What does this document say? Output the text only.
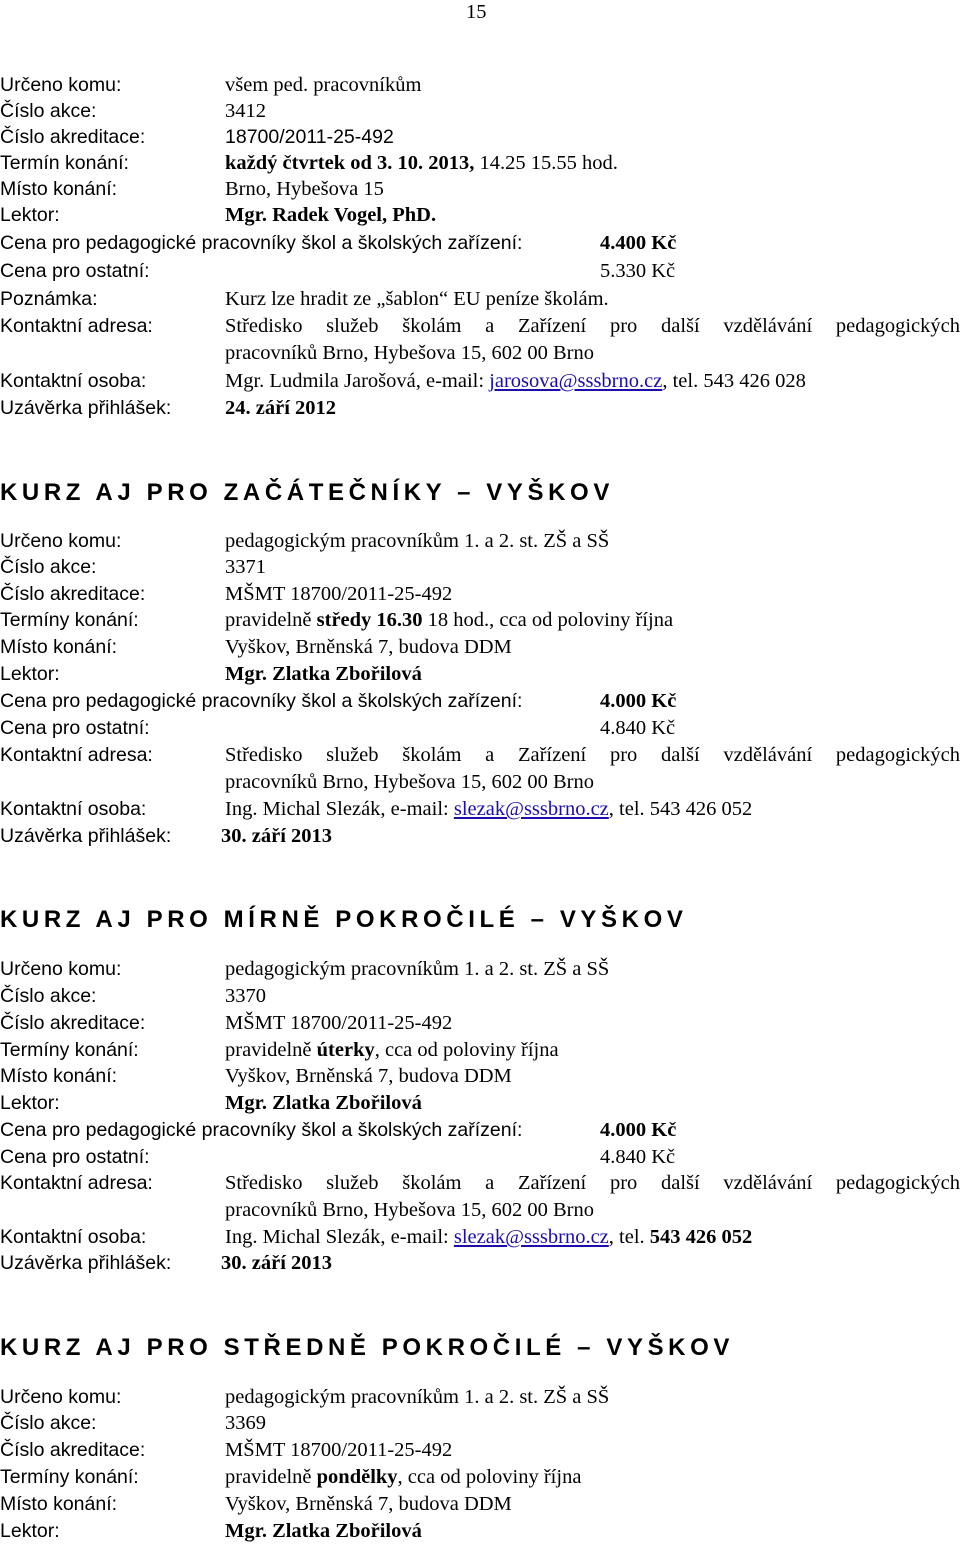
15
Určeno komu:	všem ped. pracovníkům
Číslo akce:	3412
Číslo akreditace:	18700/2011-25-492
Termín konání:	každý čtvrtek od 3. 10. 2013, 14.25 15.55 hod.
Místo konání:	Brno, Hybešova 15
Lektor:	Mgr. Radek Vogel, PhD.
Cena pro pedagogické pracovníky škol a školských zařízení:	4.400 Kč
Cena pro ostatní:	5.330 Kč
Poznámka:	Kurz lze hradit ze „šablon“ EU peníze školám.
Kontaktní adresa:	Středisko služeb školám a Zařízení pro další vzdělávání pedagogických
pracovníků Brno, Hybešova 15, 602 00 Brno
Kontaktní osoba:	Mgr. Ludmila Jarošová, e-mail: jarosova@sssbrno.cz, tel. 543 426 028
Uzávěrka přihlášek:	24. září 2012
KURZ AJ PRO ZAČÁTEČNÍKY – VYŠKOV
Určeno komu:	pedagogickým pracovníkům 1. a 2. st. ZŠ a SŠ
Číslo akce:	3371
Číslo akreditace:	MŠMT 18700/2011-25-492
Termíny konání:	pravidelně středy 16.30 18 hod., cca od poloviny října
Místo konání:	Vyškov, Brněnská 7, budova DDM
Lektor:	Mgr. Zlatka Zbořilová
Cena pro pedagogické pracovníky škol a školských zařízení:	4.000 Kč
Cena pro ostatní:	4.840 Kč
Kontaktní adresa:	Středisko služeb školám a Zařízení pro další vzdělávání pedagogických
pracovníků Brno, Hybešova 15, 602 00 Brno
Kontaktní osoba:	Ing. Michal Slezák, e-mail: slezak@sssbrno.cz, tel. 543 426 052
Uzávěrka přihlášek: 30. září 2013
KURZ AJ PRO MÍRNĚ POKROČILÉ – VYŠKOV
Určeno komu:	pedagogickým pracovníkům 1. a 2. st. ZŠ a SŠ
Číslo akce:	3370
Číslo akreditace:	MŠMT 18700/2011-25-492
Termíny konání:	pravidelně úterky, cca od poloviny října
Místo konání:	Vyškov, Brněnská 7, budova DDM
Lektor:	Mgr. Zlatka Zbořilová
Cena pro pedagogické pracovníky škol a školských zařízení:	4.000 Kč
Cena pro ostatní:	4.840 Kč
Kontaktní adresa:	Středisko služeb školám a Zařízení pro další vzdělávání pedagogických
pracovníků Brno, Hybešova 15, 602 00 Brno
Kontaktní osoba:	Ing. Michal Slezák, e-mail: slezak@sssbrno.cz, tel. 543 426 052
Uzávěrka přihlášek: 30. září 2013
KURZ AJ PRO STŘEDNĚ POKROČILÉ – VYŠKOV
Určeno komu:	pedagogickým pracovníkům 1. a 2. st. ZŠ a SŠ
Číslo akce:	3369
Číslo akreditace:	MŠMT 18700/2011-25-492
Termíny konání:	pravidelně pondělky, cca od poloviny října
Místo konání:	Vyškov, Brněnská 7, budova DDM
Lektor:	Mgr. Zlatka Zbořilová
